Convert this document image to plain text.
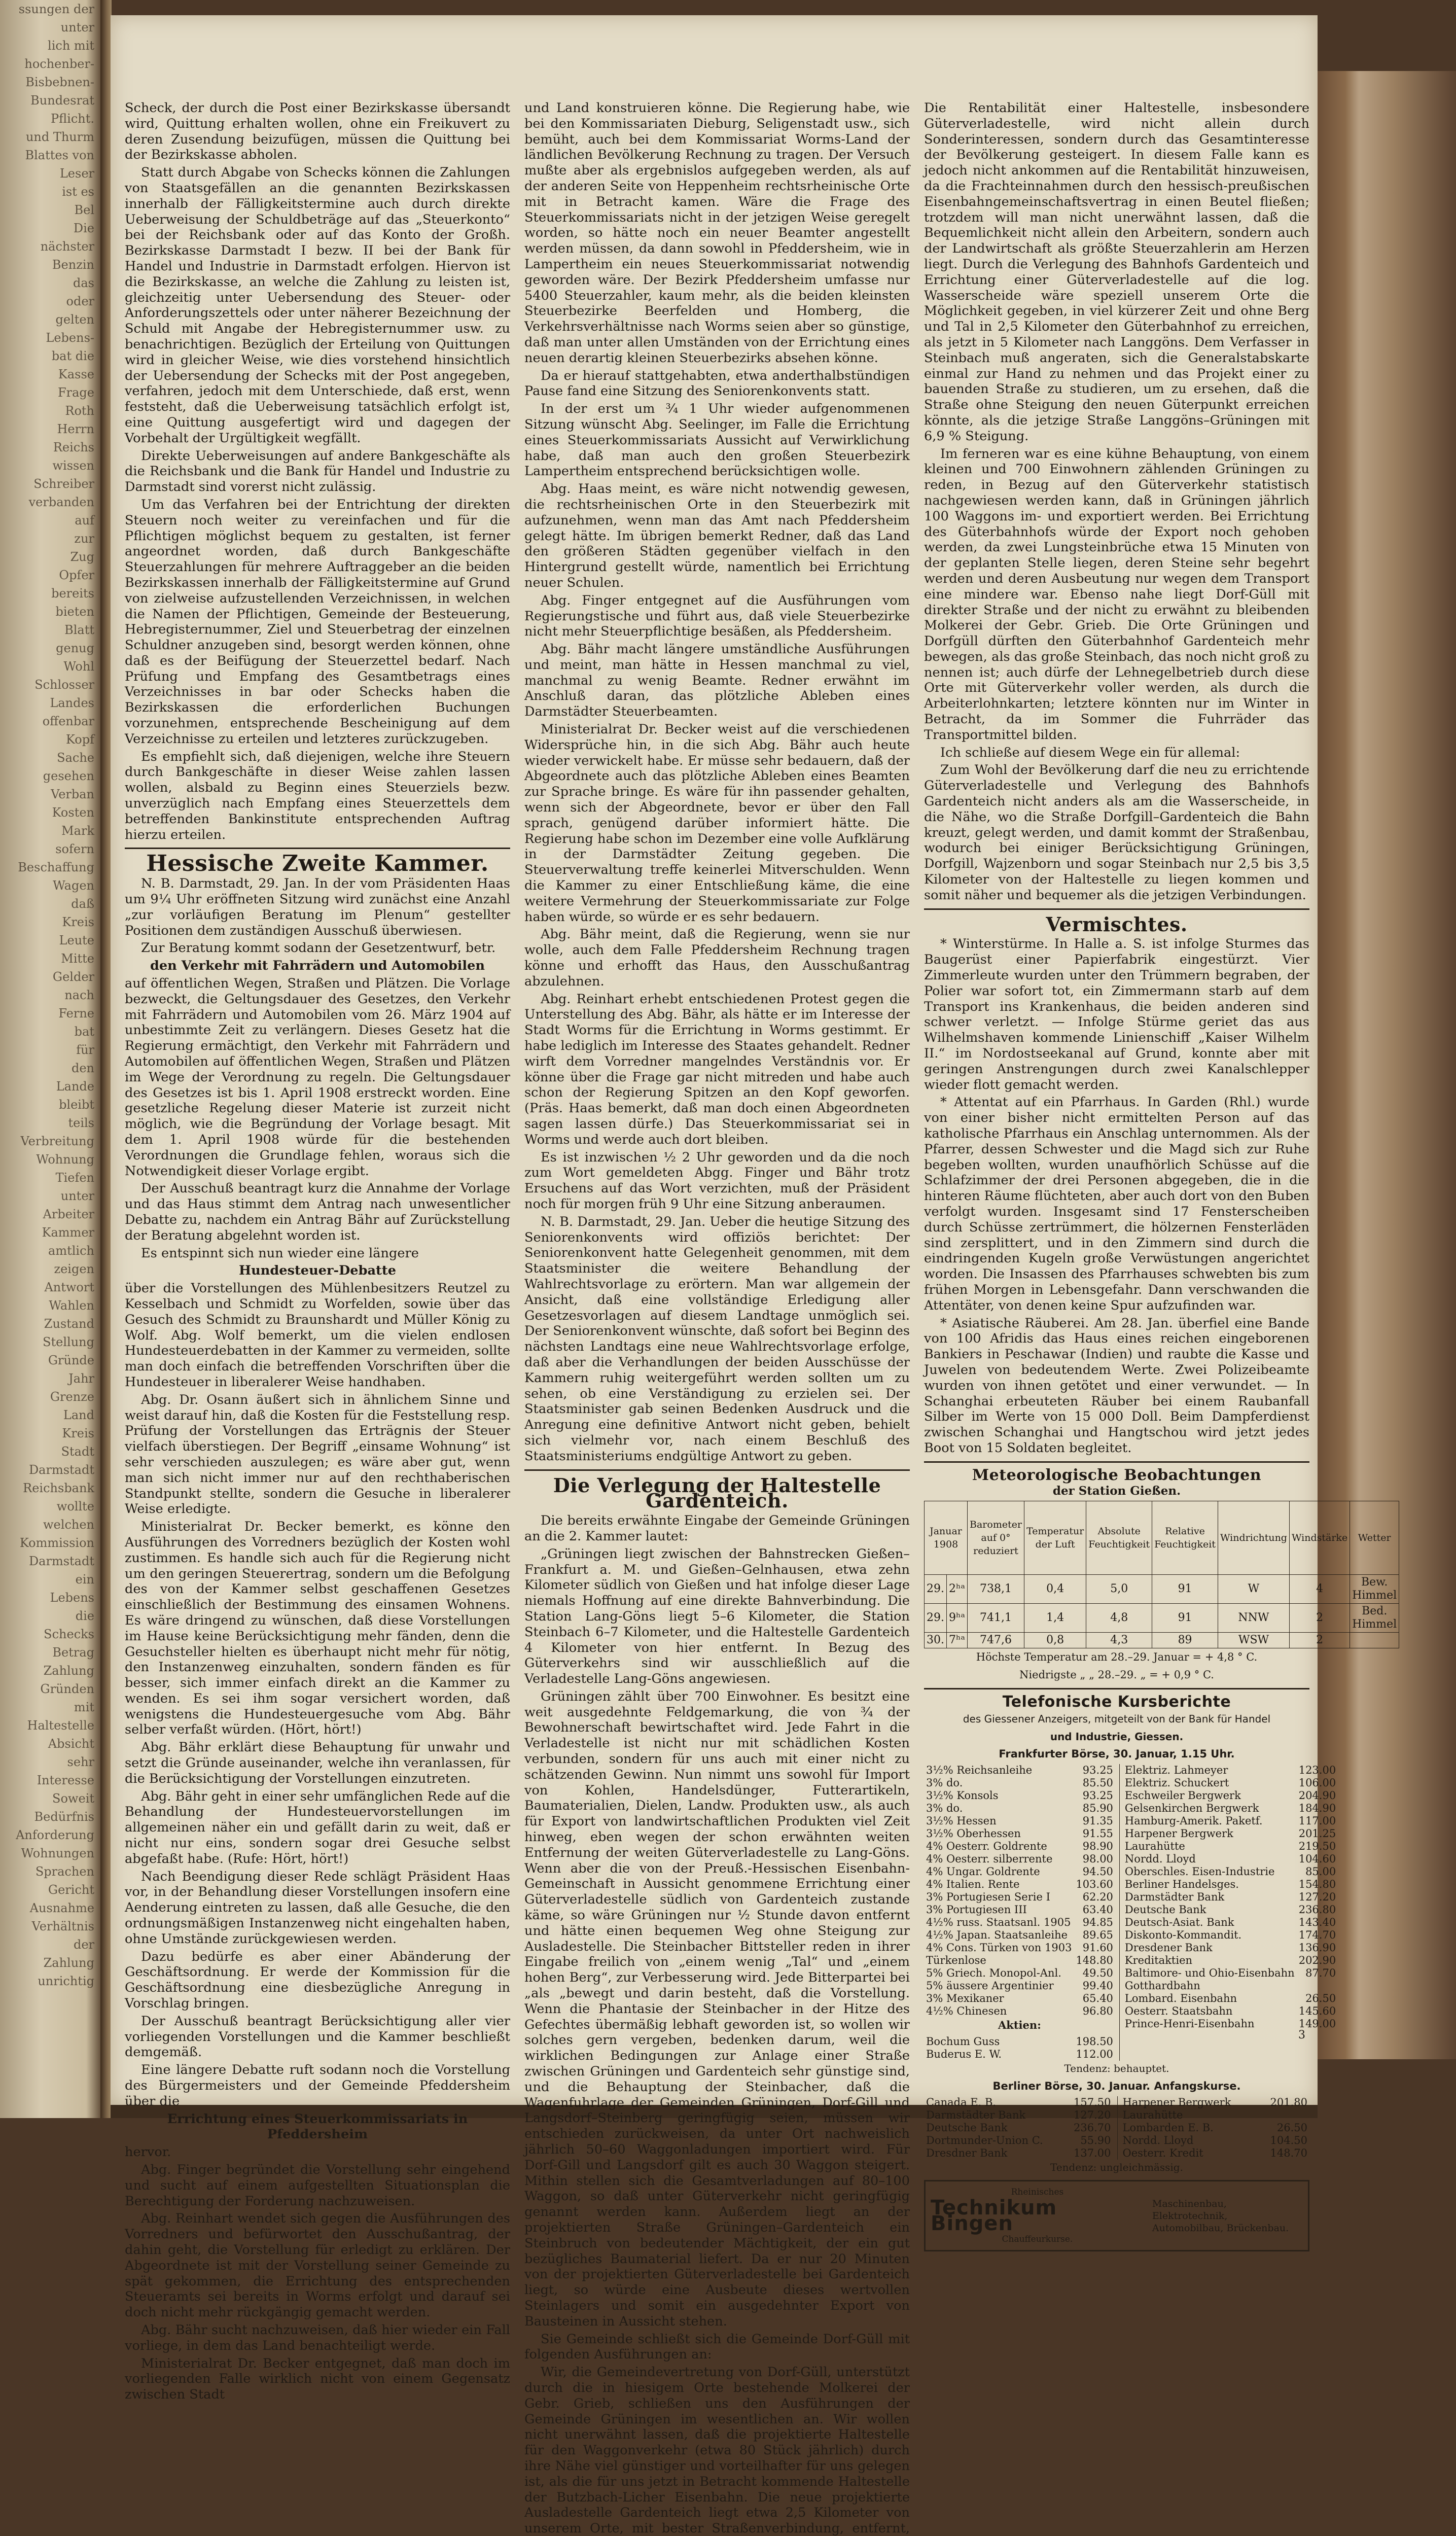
ssungen der
unter
lich mit
hochenber-
Bisbebnen-
Bundesrat
Pflicht.
und Thurm
Blattes von
Leser
ist es
Bel
Die
nächster
Benzin
das
oder
gelten
Lebens-
bat die
Kasse
Frage
Roth
Herrn
Reichs
wissen
Schreiber
verbanden
auf
zur
Zug
Opfer
bereits
bieten
Blatt
genug
Wohl
Schlosser
Landes
offenbar
Kopf
Sache
gesehen
Verban
Kosten
Mark
sofern
Beschaffung
Wagen
daß
Kreis
Leute
Mitte
Gelder
nach
Ferne
bat
für
den
Lande
bleibt
teils
Verbreitung
Wohnung
Tiefen
unter
Arbeiter
Kammer
amtlich
zeigen
Antwort
Wahlen
Zustand
Stellung
Gründe
Jahr
Grenze
Land
Kreis
Stadt
Darmstadt
Reichsbank
wollte
welchen
Kommission
Darmstadt
ein
Lebens
die
Schecks
Betrag
Zahlung
Gründen
mit
Haltestelle
Absicht
sehr
Interesse
Soweit
Bedürfnis
Anforderung
Wohnungen
Sprachen
Gericht
Ausnahme
Verhältnis
der
Zahlung
unrichtig

Scheck, der durch die Post einer Bezirkskasse übersandt wird, Quittung erhalten wollen, ohne ein Freikuvert zu deren Zusendung beizufügen, müssen die Quittung bei der Bezirkskasse abholen.

Statt durch Abgabe von Schecks können die Zahlungen von Staatsgefällen an die genannten Bezirkskassen innerhalb der Fälligkeitstermine auch durch direkte Ueberweisung der Schuldbeträge auf das „Steuerkonto“ bei der Reichsbank oder auf das Konto der Großh. Bezirkskasse Darmstadt I bezw. II bei der Bank für Handel und Industrie in Darmstadt erfolgen. Hiervon ist die Bezirkskasse, an welche die Zahlung zu leisten ist, gleichzeitig unter Uebersendung des Steuer- oder Anforderungszettels oder unter näherer Bezeichnung der Schuld mit Angabe der Hebregisternummer usw. zu benachrichtigen. Bezüglich der Erteilung von Quittungen wird in gleicher Weise, wie dies vorstehend hinsichtlich der Uebersendung der Schecks mit der Post angegeben, verfahren, jedoch mit dem Unterschiede, daß erst, wenn feststeht, daß die Ueberweisung tatsächlich erfolgt ist, eine Quittung ausgefertigt wird und dagegen der Vorbehalt der Urgültigkeit wegfällt.

Direkte Ueberweisungen auf andere Bankgeschäfte als die Reichsbank und die Bank für Handel und Industrie zu Darmstadt sind vorerst nicht zulässig.

Um das Verfahren bei der Entrichtung der direkten Steuern noch weiter zu vereinfachen und für die Pflichtigen möglichst bequem zu gestalten, ist ferner angeordnet worden, daß durch Bankgeschäfte Steuerzahlungen für mehrere Auftraggeber an die beiden Bezirkskassen innerhalb der Fälligkeitstermine auf Grund von zielweise aufzustellenden Verzeichnissen, in welchen die Namen der Pflichtigen, Gemeinde der Besteuerung, Hebregisternummer, Ziel und Steuerbetrag der einzelnen Schuldner anzugeben sind, besorgt werden können, ohne daß es der Beifügung der Steuerzettel bedarf. Nach Prüfung und Empfang des Gesamtbetrags eines Verzeichnisses in bar oder Schecks haben die Bezirkskassen die erforderlichen Buchungen vorzunehmen, entsprechende Bescheinigung auf dem Verzeichnisse zu erteilen und letzteres zurückzugeben.

Es empfiehlt sich, daß diejenigen, welche ihre Steuern durch Bankgeschäfte in dieser Weise zahlen lassen wollen, alsbald zu Beginn eines Steuerziels bezw. unverzüglich nach Empfang eines Steuerzettels dem betreffenden Bankinstitute entsprechenden Auftrag hierzu erteilen.

Hessische Zweite Kammer.

N. B. Darmstadt, 29. Jan. In der vom Präsidenten Haas um 9¼ Uhr eröffneten Sitzung wird zunächst eine Anzahl „zur vorläufigen Beratung im Plenum“ gestellter Positionen dem zuständigen Ausschuß überwiesen.

Zur Beratung kommt sodann der Gesetzentwurf, betr.

den Verkehr mit Fahrrädern und Automobilen

auf öffentlichen Wegen, Straßen und Plätzen. Die Vorlage bezweckt, die Geltungsdauer des Gesetzes, den Verkehr mit Fahrrädern und Automobilen vom 26. März 1904 auf unbestimmte Zeit zu verlängern. Dieses Gesetz hat die Regierung ermächtigt, den Verkehr mit Fahrrädern und Automobilen auf öffentlichen Wegen, Straßen und Plätzen im Wege der Verordnung zu regeln. Die Geltungsdauer des Gesetzes ist bis 1. April 1908 erstreckt worden. Eine gesetzliche Regelung dieser Materie ist zurzeit nicht möglich, wie die Begründung der Vorlage besagt. Mit dem 1. April 1908 würde für die bestehenden Verordnungen die Grundlage fehlen, woraus sich die Notwendigkeit dieser Vorlage ergibt.

Der Ausschuß beantragt kurz die Annahme der Vorlage und das Haus stimmt dem Antrag nach unwesentlicher Debatte zu, nachdem ein Antrag Bähr auf Zurückstellung der Beratung abgelehnt worden ist.

Es entspinnt sich nun wieder eine längere

Hundesteuer-Debatte

über die Vorstellungen des Mühlenbesitzers Reutzel zu Kesselbach und Schmidt zu Worfelden, sowie über das Gesuch des Schmidt zu Braunshardt und Müller König zu Wolf. Abg. Wolf bemerkt, um die vielen endlosen Hundesteuerdebatten in der Kammer zu vermeiden, sollte man doch einfach die betreffenden Vorschriften über die Hundesteuer in liberalerer Weise handhaben.

Abg. Dr. Osann äußert sich in ähnlichem Sinne und weist darauf hin, daß die Kosten für die Feststellung resp. Prüfung der Vorstellungen das Erträgnis der Steuer vielfach überstiegen. Der Begriff „einsame Wohnung“ ist sehr verschieden auszulegen; es wäre aber gut, wenn man sich nicht immer nur auf den rechthaberischen Standpunkt stellte, sondern die Gesuche in liberalerer Weise erledigte.

Ministerialrat Dr. Becker bemerkt, es könne den Ausführungen des Vorredners bezüglich der Kosten wohl zustimmen. Es handle sich auch für die Regierung nicht um den geringen Steuerertrag, sondern um die Befolgung des von der Kammer selbst geschaffenen Gesetzes einschließlich der Bestimmung des einsamen Wohnens. Es wäre dringend zu wünschen, daß diese Vorstellungen im Hause keine Berücksichtigung mehr fänden, denn die Gesuchsteller hielten es überhaupt nicht mehr für nötig, den Instanzenweg einzuhalten, sondern fänden es für besser, sich immer einfach direkt an die Kammer zu wenden. Es sei ihm sogar versichert worden, daß wenigstens die Hundesteuergesuche vom Abg. Bähr selber verfaßt würden. (Hört, hört!)

Abg. Bähr erklärt diese Behauptung für unwahr und setzt die Gründe auseinander, welche ihn veranlassen, für die Berücksichtigung der Vorstellungen einzutreten.

Abg. Bähr geht in einer sehr umfänglichen Rede auf die Behandlung der Hundesteuervorstellungen im allgemeinen näher ein und gefällt darin zu weit, daß er nicht nur eins, sondern sogar drei Gesuche selbst abgefaßt habe. (Rufe: Hört, hört!)

Nach Beendigung dieser Rede schlägt Präsident Haas vor, in der Behandlung dieser Vorstellungen insofern eine Aenderung eintreten zu lassen, daß alle Gesuche, die den ordnungsmäßigen Instanzenweg nicht eingehalten haben, ohne Umstände zurückgewiesen werden.

Dazu bedürfe es aber einer Abänderung der Geschäftsordnung. Er werde der Kommission für die Geschäftsordnung eine diesbezügliche Anregung in Vorschlag bringen.

Der Ausschuß beantragt Berücksichtigung aller vier vorliegenden Vorstellungen und die Kammer beschließt demgemäß.

Eine längere Debatte ruft sodann noch die Vorstellung des Bürgermeisters und der Gemeinde Pfeddersheim über die

Errichtung eines Steuerkommissariats in Pfeddersheim

hervor.

Abg. Finger begründet die Vorstellung sehr eingehend und sucht auf einem aufgestellten Situationsplan die Berechtigung der Forderung nachzuweisen.

Abg. Reinhart wendet sich gegen die Ausführungen des Vorredners und befürwortet den Ausschußantrag, der dahin geht, die Vorstellung für erledigt zu erklären. Der Abgeordnete ist mit der Vorstellung seiner Gemeinde zu spät gekommen, die Errichtung des entsprechenden Steueramts sei bereits in Worms erfolgt und darauf sei doch nicht mehr rückgängig gemacht werden.

Abg. Bähr sucht nachzuweisen, daß hier wieder ein Fall vorliege, in dem das Land benachteiligt werde.

Ministerialrat Dr. Becker entgegnet, daß man doch im vorliegenden Falle wirklich nicht von einem Gegensatz zwischen Stadt

und Land konstruieren könne. Die Regierung habe, wie bei den Kommissariaten Dieburg, Seligenstadt usw., sich bemüht, auch bei dem Kommissariat Worms-Land der ländlichen Bevölkerung Rechnung zu tragen. Der Versuch mußte aber als ergebnislos aufgegeben werden, als auf der anderen Seite von Heppenheim rechtsrheinische Orte mit in Betracht kamen. Wäre die Frage des Steuerkommissariats nicht in der jetzigen Weise geregelt worden, so hätte noch ein neuer Beamter angestellt werden müssen, da dann sowohl in Pfeddersheim, wie in Lampertheim ein neues Steuerkommissariat notwendig geworden wäre. Der Bezirk Pfeddersheim umfasse nur 5400 Steuerzahler, kaum mehr, als die beiden kleinsten Steuerbezirke Beerfelden und Homberg, die Verkehrsverhältnisse nach Worms seien aber so günstige, daß man unter allen Umständen von der Errichtung eines neuen derartig kleinen Steuerbezirks absehen könne.

Da er hierauf stattgehabten, etwa anderthalbstündigen Pause fand eine Sitzung des Seniorenkonvents statt.

In der erst um ¾ 1 Uhr wieder aufgenommenen Sitzung wünscht Abg. Seelinger, im Falle die Errichtung eines Steuerkommissariats Aussicht auf Verwirklichung habe, daß man auch den großen Steuerbezirk Lampertheim entsprechend berücksichtigen wolle.

Abg. Haas meint, es wäre nicht notwendig gewesen, die rechtsrheinischen Orte in den Steuerbezirk mit aufzunehmen, wenn man das Amt nach Pfeddersheim gelegt hätte. Im übrigen bemerkt Redner, daß das Land den größeren Städten gegenüber vielfach in den Hintergrund gestellt würde, namentlich bei Errichtung neuer Schulen.

Abg. Finger entgegnet auf die Ausführungen vom Regierungstische und führt aus, daß viele Steuerbezirke nicht mehr Steuerpflichtige besäßen, als Pfeddersheim.

Abg. Bähr macht längere umständliche Ausführungen und meint, man hätte in Hessen manchmal zu viel, manchmal zu wenig Beamte. Redner erwähnt im Anschluß daran, das plötzliche Ableben eines Darmstädter Steuerbeamten.

Ministerialrat Dr. Becker weist auf die verschiedenen Widersprüche hin, in die sich Abg. Bähr auch heute wieder verwickelt habe. Er müsse sehr bedauern, daß der Abgeordnete auch das plötzliche Ableben eines Beamten zur Sprache bringe. Es wäre für ihn passender gehalten, wenn sich der Abgeordnete, bevor er über den Fall sprach, genügend darüber informiert hätte. Die Regierung habe schon im Dezember eine volle Aufklärung in der Darmstädter Zeitung gegeben. Die Steuerverwaltung treffe keinerlei Mitverschulden. Wenn die Kammer zu einer Entschließung käme, die eine weitere Vermehrung der Steuerkommissariate zur Folge haben würde, so würde er es sehr bedauern.

Abg. Bähr meint, daß die Regierung, wenn sie nur wolle, auch dem Falle Pfeddersheim Rechnung tragen könne und erhofft das Haus, den Ausschußantrag abzulehnen.

Abg. Reinhart erhebt entschiedenen Protest gegen die Unterstellung des Abg. Bähr, als hätte er im Interesse der Stadt Worms für die Errichtung in Worms gestimmt. Er habe lediglich im Interesse des Staates gehandelt. Redner wirft dem Vorredner mangelndes Verständnis vor. Er könne über die Frage gar nicht mitreden und habe auch schon der Regierung Spitzen an den Kopf geworfen. (Präs. Haas bemerkt, daß man doch einen Abgeordneten sagen lassen dürfe.) Das Steuerkommissariat sei in Worms und werde auch dort bleiben.

Es ist inzwischen ½ 2 Uhr geworden und da die noch zum Wort gemeldeten Abgg. Finger und Bähr trotz Ersuchens auf das Wort verzichten, muß der Präsident noch für morgen früh 9 Uhr eine Sitzung anberaumen.

N. B. Darmstadt, 29. Jan. Ueber die heutige Sitzung des Seniorenkonvents wird offiziös berichtet: Der Seniorenkonvent hatte Gelegenheit genommen, mit dem Staatsminister die weitere Behandlung der Wahlrechtsvorlage zu erörtern. Man war allgemein der Ansicht, daß eine vollständige Erledigung aller Gesetzesvorlagen auf diesem Landtage unmöglich sei. Der Seniorenkonvent wünschte, daß sofort bei Beginn des nächsten Landtags eine neue Wahlrechtsvorlage erfolge, daß aber die Verhandlungen der beiden Ausschüsse der Kammern ruhig weitergeführt werden sollten um zu sehen, ob eine Verständigung zu erzielen sei. Der Staatsminister gab seinen Bedenken Ausdruck und die Anregung eine definitive Antwort nicht geben, behielt sich vielmehr vor, nach einem Beschluß des Staatsministeriums endgültige Antwort zu geben.

Die Verlegung der Haltestelle Gardenteich.

Die bereits erwähnte Eingabe der Gemeinde Grüningen an die 2. Kammer lautet:

„Grüningen liegt zwischen der Bahnstrecken Gießen–Frankfurt a. M. und Gießen–Gelnhausen, etwa zehn Kilometer südlich von Gießen und hat infolge dieser Lage niemals Hoffnung auf eine direkte Bahnverbindung. Die Station Lang-Göns liegt 5–6 Kilometer, die Station Steinbach 6–7 Kilometer, und die Haltestelle Gardenteich 4 Kilometer von hier entfernt. In Bezug des Güterverkehrs sind wir ausschließlich auf die Verladestelle Lang-Göns angewiesen.

Grüningen zählt über 700 Einwohner. Es besitzt eine weit ausgedehnte Feldgemarkung, die von ¾ der Bewohnerschaft bewirtschaftet wird. Jede Fahrt in die Verladestelle ist nicht nur mit schädlichen Kosten verbunden, sondern für uns auch mit einer nicht zu schätzenden Gewinn. Nun nimmt uns sowohl für Import von Kohlen, Handelsdünger, Futterartikeln, Baumaterialien, Dielen, Landw. Produkten usw., als auch für Export von landwirtschaftlichen Produkten viel Zeit hinweg, eben wegen der schon erwähnten weiten Entfernung der weiten Güterverladestelle zu Lang-Göns. Wenn aber die von der Preuß.-Hessischen Eisenbahn-Gemeinschaft in Aussicht genommene Errichtung einer Güterverladestelle südlich von Gardenteich zustande käme, so wäre Grüningen nur ½ Stunde davon entfernt und hätte einen bequemen Weg ohne Steigung zur Ausladestelle. Die Steinbacher Bittsteller reden in ihrer Eingabe freilich von „einem wenig „Tal“ und „einem hohen Berg“, zur Verbesserung wird. Jede Bitterpartei bei „als „bewegt und darin besteht, daß die Vorstellung. Wenn die Phantasie der Steinbacher in der Hitze des Gefechtes übermäßig lebhaft geworden ist, so wollen wir solches gern vergeben, bedenken darum, weil die wirklichen Bedingungen zur Anlage einer Straße zwischen Grüningen und Gardenteich sehr günstige sind, und die Behauptung der Steinbacher, daß die Wagenfuhrlage der Gemeinden Grüningen, Dorf-Gill und Langsdorf–Steinberg geringfügig seien, müssen wir entschieden zurückweisen, da unter Ort nachweislich jährlich 50–60 Waggonladungen importiert wird. Für Dorf-Gill und Langsdorf gilt es auch 30 Waggon steigert. Mithin stellen sich die Gesamtverladungen auf 80–100 Waggon, so daß unter Güterverkehr nicht geringfügig genannt werden kann. Außerdem liegt an der projektierten Straße Grüningen–Gardenteich ein Steinbruch von bedeutender Mächtigkeit, der ein gut bezügliches Baumaterial liefert. Da er nur 20 Minuten von der projektierten Güterverladestelle bei Gardenteich liegt, so würde eine Ausbeute dieses wertvollen Steinlagers und somit ein ausgedehnter Export von Bausteinen in Aussicht stehen.

Sie Gemeinde schließt sich die Gemeinde Dorf-Güll mit folgenden Ausführungen an:

Wir, die Gemeindevertretung von Dorf-Güll, unterstützt durch die in hiesigem Orte bestehende Molkerei der Gebr. Grieb, schließen uns den Ausführungen der Gemeinde Grüningen im wesentlichen an. Wir wollen nicht unerwähnt lassen, daß die projektierte Haltestelle für den Waggonverkehr (etwa 80 Stück jährlich) durch ihre Nähe viel günstiger und vorteilhafter für uns gelegen ist, als die für uns jetzt in Betracht kommende Haltestelle der Butzbach-Licher Eisenbahn. Die neue projektierte Ausladestelle Gardenteich liegt etwa 2,5 Kilometer von unserem Orte, mit bester Straßenverbindung, entfernt,

Die Rentabilität einer Haltestelle, insbesondere Güterverladestelle, wird nicht allein durch Sonderinteressen, sondern durch das Gesamtinteresse der Bevölkerung gesteigert. In diesem Falle kann es jedoch nicht ankommen auf die Rentabilität hinzuweisen, da die Frachteinnahmen durch den hessisch-preußischen Eisenbahngemeinschaftsvertrag in einen Beutel fließen; trotzdem will man nicht unerwähnt lassen, daß die Bequemlichkeit nicht allein den Arbeitern, sondern auch der Landwirtschaft als größte Steuerzahlerin am Herzen liegt. Durch die Verlegung des Bahnhofs Gardenteich und Errichtung einer Güterverladestelle auf die log. Wasserscheide wäre speziell unserem Orte die Möglichkeit gegeben, in viel kürzerer Zeit und ohne Berg und Tal in 2,5 Kilometer den Güterbahnhof zu erreichen, als jetzt in 5 Kilometer nach Langgöns. Dem Verfasser in Steinbach muß angeraten, sich die Generalstabskarte einmal zur Hand zu nehmen und das Projekt einer zu bauenden Straße zu studieren, um zu ersehen, daß die Straße ohne Steigung den neuen Güterpunkt erreichen könnte, als die jetzige Straße Langgöns–Grüningen mit 6,9 % Steigung.

Im ferneren war es eine kühne Behauptung, von einem kleinen und 700 Einwohnern zählenden Grüningen zu reden, in Bezug auf den Güterverkehr statistisch nachgewiesen werden kann, daß in Grüningen jährlich 100 Waggons im- und exportiert werden. Bei Errichtung des Güterbahnhofs würde der Export noch gehoben werden, da zwei Lungsteinbrüche etwa 15 Minuten von der geplanten Stelle liegen, deren Steine sehr begehrt werden und deren Ausbeutung nur wegen dem Transport eine mindere war. Ebenso nahe liegt Dorf-Güll mit direkter Straße und der nicht zu erwähnt zu bleibenden Molkerei der Gebr. Grieb. Die Orte Grüningen und Dorfgüll dürften den Güterbahnhof Gardenteich mehr bewegen, als das große Steinbach, das noch nicht groß zu nennen ist; auch dürfe der Lehnegelbetrieb durch diese Orte mit Güterverkehr voller werden, als durch die Arbeiterlohnkarten; letztere könnten nur im Winter in Betracht, da im Sommer die Fuhrräder das Transportmittel bilden.

Ich schließe auf diesem Wege ein für allemal:

Zum Wohl der Bevölkerung darf die neu zu errichtende Güterverladestelle und Verlegung des Bahnhofs Gardenteich nicht anders als am die Wasserscheide, in die Nähe, wo die Straße Dorfgill–Gardenteich die Bahn kreuzt, gelegt werden, und damit kommt der Straßenbau, wodurch bei einiger Berücksichtigung Grüningen, Dorfgill, Wajzenborn und sogar Steinbach nur 2,5 bis 3,5 Kilometer von der Haltestelle zu liegen kommen und somit näher und bequemer als die jetzigen Verbindungen.

Vermischtes.

* Winterstürme. In Halle a. S. ist infolge Sturmes das Baugerüst einer Papierfabrik eingestürzt. Vier Zimmerleute wurden unter den Trümmern begraben, der Polier war sofort tot, ein Zimmermann starb auf dem Transport ins Krankenhaus, die beiden anderen sind schwer verletzt. — Infolge Stürme geriet das aus Wilhelmshaven kommende Linienschiff „Kaiser Wilhelm II.“ im Nordostseekanal auf Grund, konnte aber mit geringen Anstrengungen durch zwei Kanalschlepper wieder flott gemacht werden.

* Attentat auf ein Pfarrhaus. In Garden (Rhl.) wurde von einer bisher nicht ermittelten Person auf das katholische Pfarrhaus ein Anschlag unternommen. Als der Pfarrer, dessen Schwester und die Magd sich zur Ruhe begeben wollten, wurden unaufhörlich Schüsse auf die Schlafzimmer der drei Personen abgegeben, die in die hinteren Räume flüchteten, aber auch dort von den Buben verfolgt wurden. Insgesamt sind 17 Fensterscheiben durch Schüsse zertrümmert, die hölzernen Fensterläden sind zersplittert, und in den Zimmern sind durch die eindringenden Kugeln große Verwüstungen angerichtet worden. Die Insassen des Pfarrhauses schwebten bis zum frühen Morgen in Lebensgefahr. Dann verschwanden die Attentäter, von denen keine Spur aufzufinden war.

* Asiatische Räuberei. Am 28. Jan. überfiel eine Bande von 100 Afridis das Haus eines reichen eingeborenen Bankiers in Peschawar (Indien) und raubte die Kasse und Juwelen von bedeutendem Werte. Zwei Polizeibeamte wurden von ihnen getötet und einer verwundet. — In Schanghai erbeuteten Räuber bei einem Raubanfall Silber im Werte von 15 000 Doll. Beim Dampferdienst zwischen Schanghai und Hangtschou wird jetzt jedes Boot von 15 Soldaten begleitet.

Meteorologische Beobachtungen

der Station Gießen.

Januar 1908		Barometer auf 0° reduziert	Temperatur der Luft	Absolute Feuchtigkeit	Relative Feuchtigkeit	Windrichtung	Windstärke	Wetter
29.	2ʰᵃ	738,1	0,4	5,0	91	W	4	Bew. Himmel
29.	9ʰᵃ	741,1	1,4	4,8	91	NNW	2	Bed. Himmel
30.	7ʰᵃ	747,6	0,8	4,3	89	WSW	2	

Höchste Temperatur am 28.–29. Januar = + 4,8 ° C.

Niedrigste „ „ 28.–29. „ = + 0,9 ° C.

Telefonische Kursberichte

des Giessener Anzeigers, mitgeteilt von der Bank für Handel

und Industrie, Giessen.

Frankfurter Börse, 30. Januar, 1.15 Uhr.

3½% Reichsanleihe	93.25
3% do.	85.50
3½% Konsols	93.25
3% do.	85.90
3½% Hessen	91.35
3½% Oberhessen	91.55
4% Oesterr. Goldrente	98.90
4% Oesterr. silberrente	98.00
4% Ungar. Goldrente	94.50
4% Italien. Rente	103.60
3% Portugiesen Serie I	62.20
3% Portugiesen III	63.40
4½% russ. Staatsanl. 1905	94.85
4½% Japan. Staatsanleihe	89.65
4% Cons. Türken von 1903	91.60
Türkenlose	148.80
5% Griech. Monopol-Anl.	49.50
5% äussere Argentinier	99.40
3% Mexikaner	65.40
4½% Chinesen	96.80

Aktien:

Bochum Guss	198.50
Buderus E. W.	112.00
Elektriz. Lahmeyer	123.00
Elektriz. Schuckert	106.00
Eschweiler Bergwerk	204.90
Gelsenkirchen Bergwerk	184.90
Hamburg-Amerik. Paketf.	117.00
Harpener Bergwerk	201.25
Laurahütte	219.50
Nordd. Lloyd	104.60
Oberschles. Eisen-Industrie	85.00
Berliner Handelsges.	154.80
Darmstädter Bank	127.20
Deutsche Bank	236.80
Deutsch-Asiat. Bank	143.40
Diskonto-Kommandit.	174.70
Dresdener Bank	136.90
Kreditaktien	202.90
Baltimore- und Ohio-Eisenbahn	87.70
Gotthardbahn	
Lombard. Eisenbahn	26.50
Oesterr. Staatsbahn	145.60
Prince-Henri-Eisenbahn	149.00

Tendenz: behauptet.

Berliner Börse, 30. Januar. Anfangskurse.

Canada E. B.	157.50
Darmstädter Bank	127.20
Deutsche Bank	236.70
Dortmunder-Union C.	55.90
Dresdner Bank	137.00
Harpener Bergwerk	201.80
Laurahütte	
Lombarden E. B.	26.50
Nordd. Lloyd	104.50
Oesterr. Kredit	148.70

Tendenz: ungleichmässig.

Rheinisches
Technikum Bingen
Chauffeurkurse.
Maschinenbau, Elektrotechnik,
Automobilbau, Brückenbau.
3
